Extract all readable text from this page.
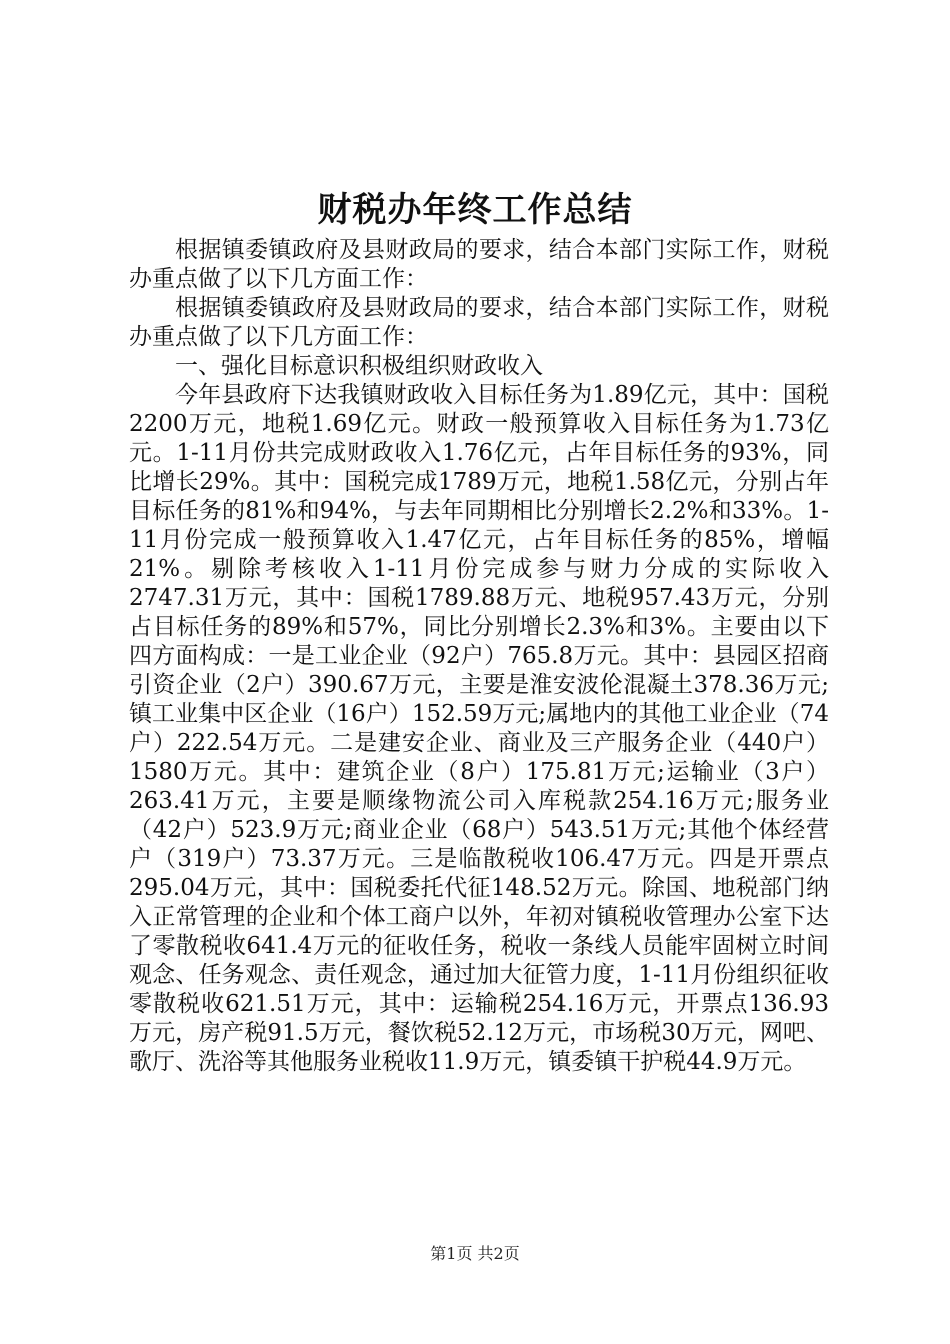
财税办年终工作总结

根据镇委镇政府及县财政局的要求，结合本部门实际工作，财税办重点做了以下几方面工作：

根据镇委镇政府及县财政局的要求，结合本部门实际工作，财税办重点做了以下几方面工作：

一、强化目标意识积极组织财政收入

今年县政府下达我镇财政收入目标任务为1.89亿元，其中：国税2200万元，地税1.69亿元。财政一般预算收入目标任务为1.73亿元。1-11月份共完成财政收入1.76亿元，占年目标任务的93%，同比增长29%。其中：国税完成1789万元，地税1.58亿元，分别占年目标任务的81%和94%，与去年同期相比分别增长2.2%和33%。1-11月份完成一般预算收入1.47亿元，占年目标任务的85%，增幅21%。剔除考核收入1-11月份完成参与财力分成的实际收入2747.31万元，其中：国税1789.88万元、地税957.43万元，分别占目标任务的89%和57%，同比分别增长2.3%和3%。主要由以下四方面构成：一是工业企业（92户）765.8万元。其中：县园区招商引资企业（2户）390.67万元，主要是淮安波伦混凝土378.36万元;镇工业集中区企业（16户）152.59万元;属地内的其他工业企业（74户）222.54万元。二是建安企业、商业及三产服务企业（440户）1580万元。其中：建筑企业（8户）175.81万元;运输业（3户）263.41万元，主要是顺缘物流公司入库税款254.16万元;服务业（42户）523.9万元;商业企业（68户）543.51万元;其他个体经营户（319户）73.37万元。三是临散税收106.47万元。四是开票点295.04万元，其中：国税委托代征148.52万元。除国、地税部门纳入正常管理的企业和个体工商户以外，年初对镇税收管理办公室下达了零散税收641.4万元的征收任务，税收一条线人员能牢固树立时间观念、任务观念、责任观念，通过加大征管力度，1-11月份组织征收零散税收621.51万元，其中：运输税254.16万元，开票点136.93万元，房产税91.5万元，餐饮税52.12万元，市场税30万元，网吧、歌厅、洗浴等其他服务业税收11.9万元，镇委镇干护税44.9万元。

第1页 共2页
